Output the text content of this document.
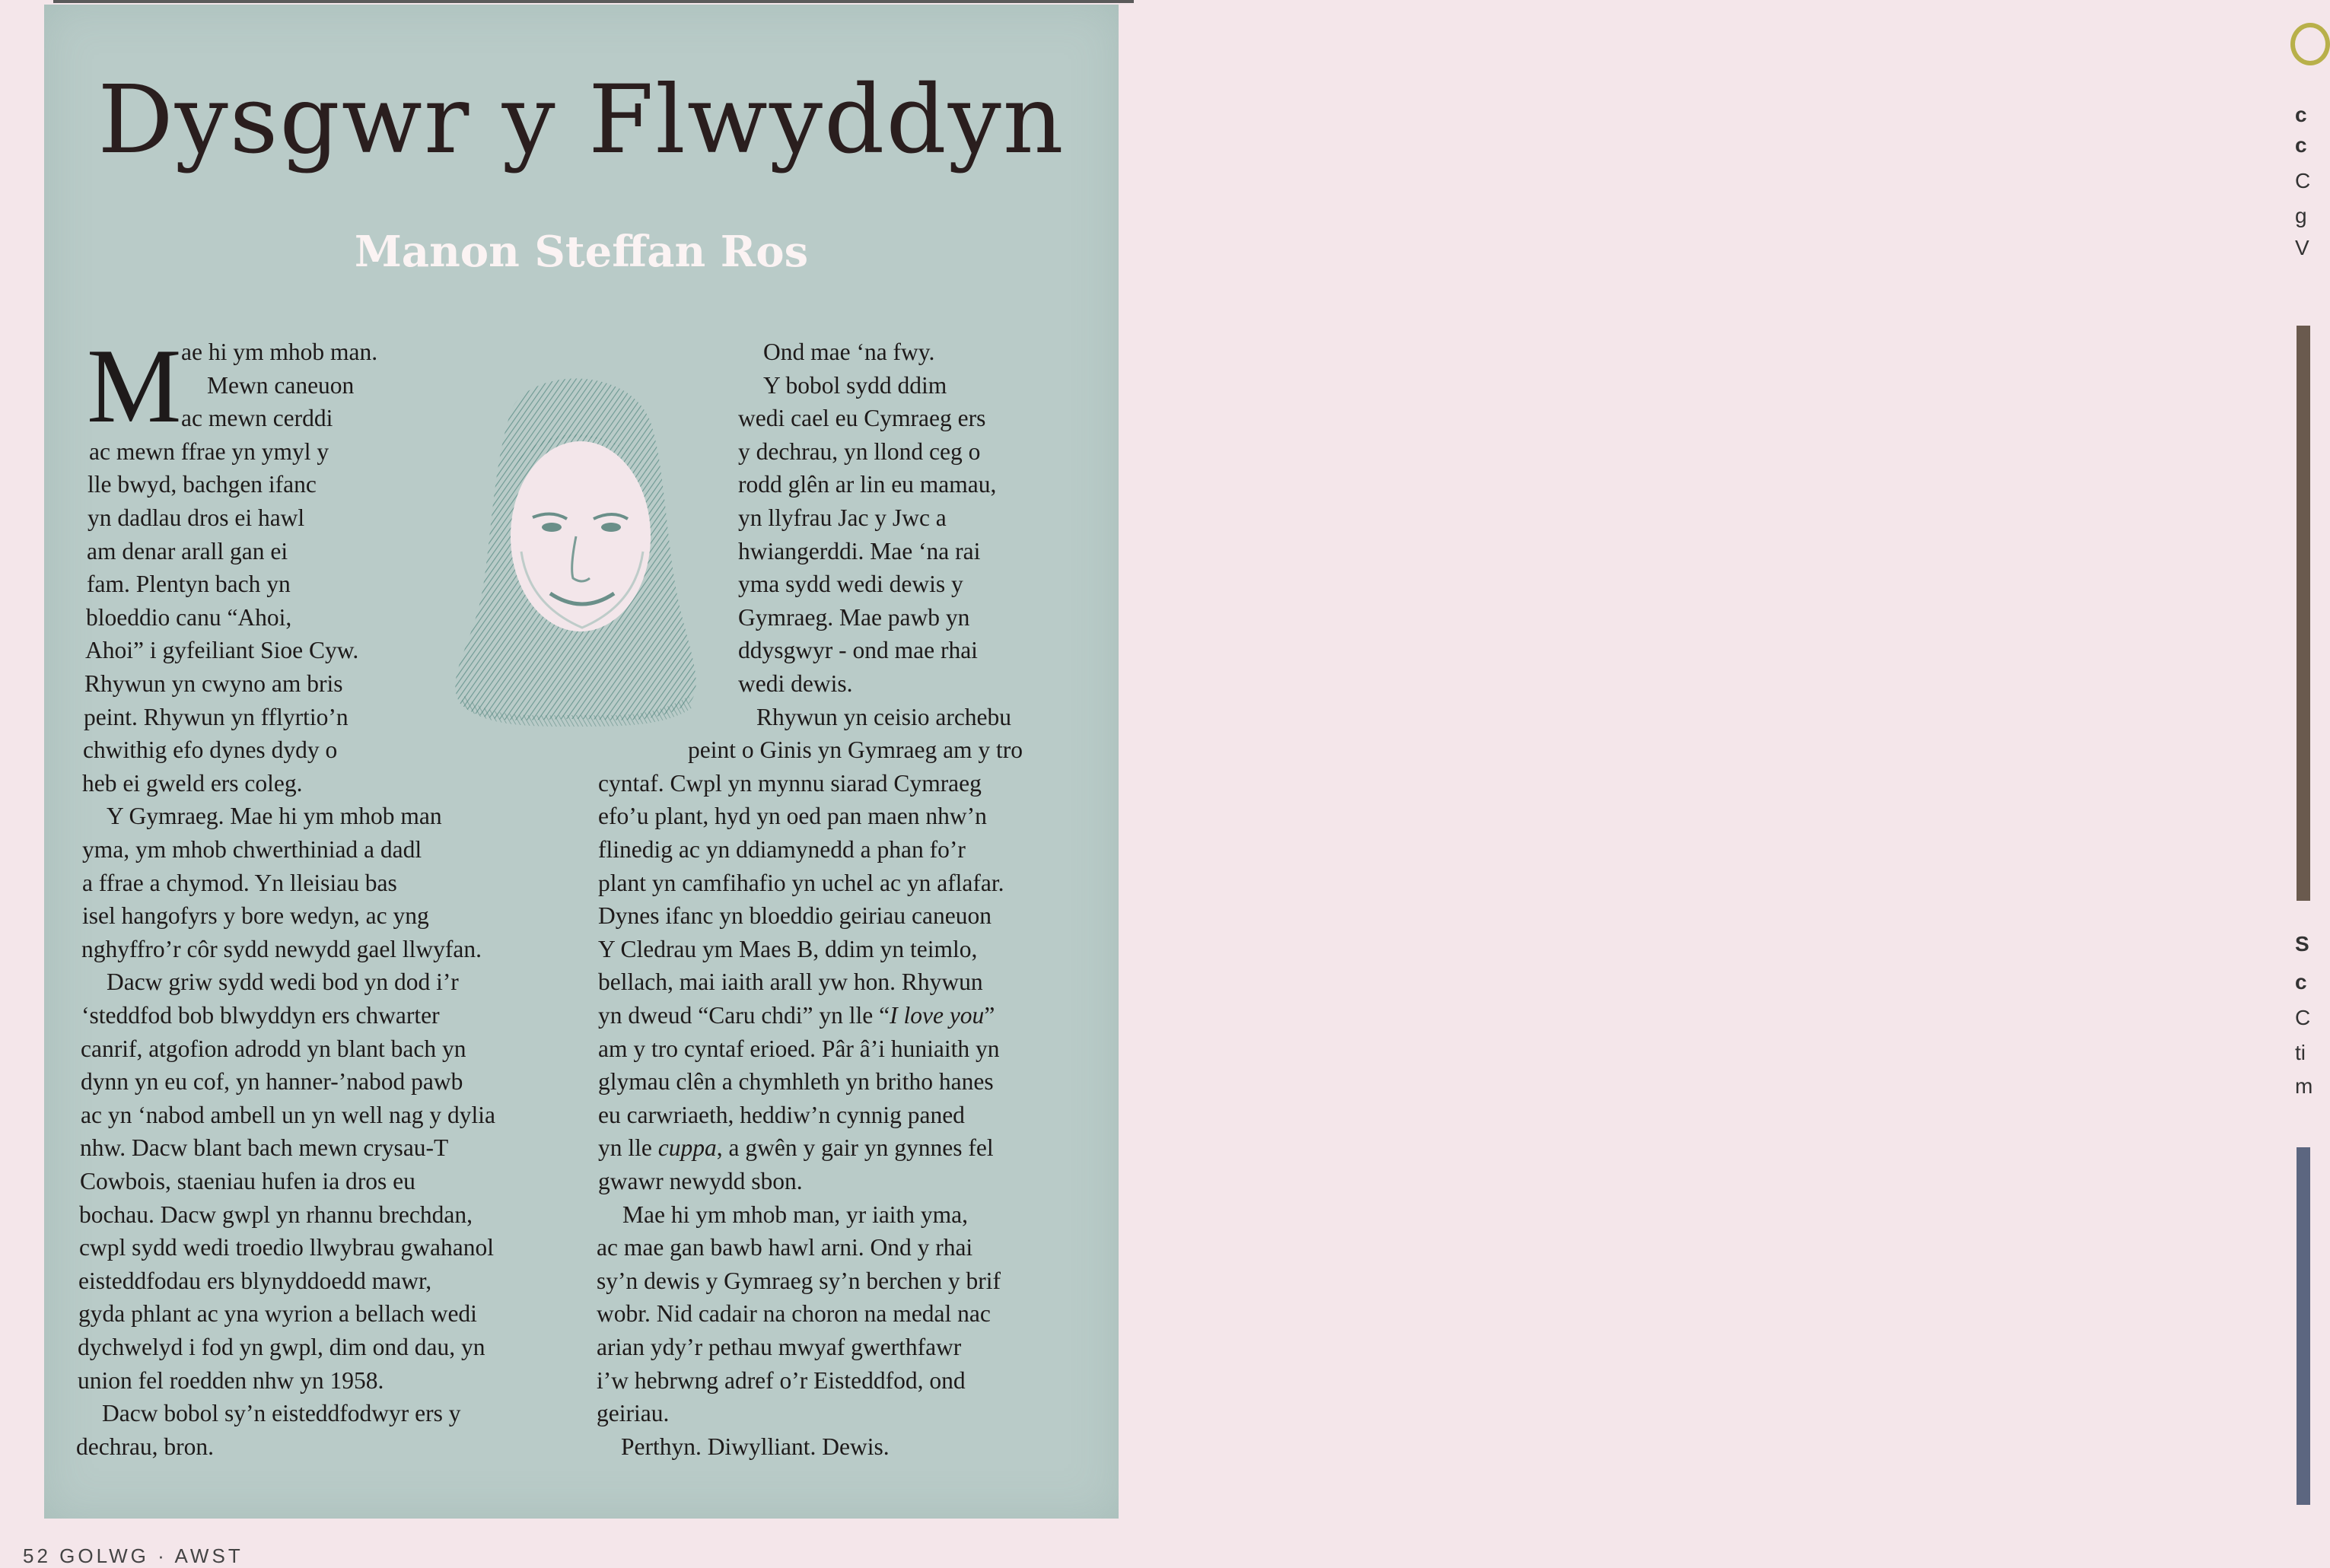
Dysgwr y Flwyddyn
Manon Steffan Ros
M ae hi ym mhob man.
Mewn caneuon
ac mewn cerddi
ac mewn ffrae yn ymyl y
lle bwyd, bachgen ifanc
yn dadlau dros ei hawl
am denar arall gan ei
fam. Plentyn bach yn
bloeddio canu “Ahoi,
Ahoi” i gyfeiliant Sioe Cyw.
Rhywun yn cwyno am bris
peint. Rhywun yn fflyrtio’n
chwithig efo dynes dydy o
heb ei gweld ers coleg.
Y Gymraeg. Mae hi ym mhob man
yma, ym mhob chwerthiniad a dadl
a ffrae a chymod. Yn lleisiau bas
isel hangofyrs y bore wedyn, ac yng
nghyffro’r côr sydd newydd gael llwyfan.
Dacw griw sydd wedi bod yn dod i’r
‘steddfod bob blwyddyn ers chwarter
canrif, atgofion adrodd yn blant bach yn
dynn yn eu cof, yn hanner-’nabod pawb
ac yn ‘nabod ambell un yn well nag y dylia
nhw. Dacw blant bach mewn crysau-T
Cowbois, staeniau hufen ia dros eu
bochau. Dacw gwpl yn rhannu brechdan,
cwpl sydd wedi troedio llwybrau gwahanol
eisteddfodau ers blynyddoedd mawr,
gyda phlant ac yna wyrion a bellach wedi
dychwelyd i fod yn gwpl, dim ond dau, yn
union fel roedden nhw yn 1958.
Dacw bobol sy’n eisteddfodwyr ers y
dechrau, bron.
Ond mae ‘na fwy.
Y bobol sydd ddim
wedi cael eu Cymraeg ers
y dechrau, yn llond ceg o
rodd glên ar lin eu mamau,
yn llyfrau Jac y Jwc a
hwiangerddi. Mae ‘na rai
yma sydd wedi dewis y
Gymraeg. Mae pawb yn
ddysgwyr - ond mae rhai
wedi dewis.
Rhywun yn ceisio archebu
peint o Ginis yn Gymraeg am y tro
cyntaf. Cwpl yn mynnu siarad Cymraeg
efo’u plant, hyd yn oed pan maen nhw’n
flinedig ac yn ddiamynedd a phan fo’r
plant yn camfihafio yn uchel ac yn aflafar.
Dynes ifanc yn bloeddio geiriau caneuon
Y Cledrau ym Maes B, ddim yn teimlo,
bellach, mai iaith arall yw hon. Rhywun
yn dweud “Caru chdi” yn lle “I love you”
am y tro cyntaf erioed. Pâr â’i huniaith yn
glymau clên a chymhleth yn britho hanes
eu carwriaeth, heddiw’n cynnig paned
yn lle cuppa, a gwên y gair yn gynnes fel
gwawr newydd sbon.
Mae hi ym mhob man, yr iaith yma,
ac mae gan bawb hawl arni. Ond y rhai
sy’n dewis y Gymraeg sy’n berchen y brif
wobr. Nid cadair na choron na medal nac
arian ydy’r pethau mwyaf gwerthfawr
i’w hebrwng adref o’r Eisteddfod, ond
geiriau.
Perthyn. Diwylliant. Dewis.
52 GOLWG · AWST
c
c
C
g
V
S
c
C
ti
m
